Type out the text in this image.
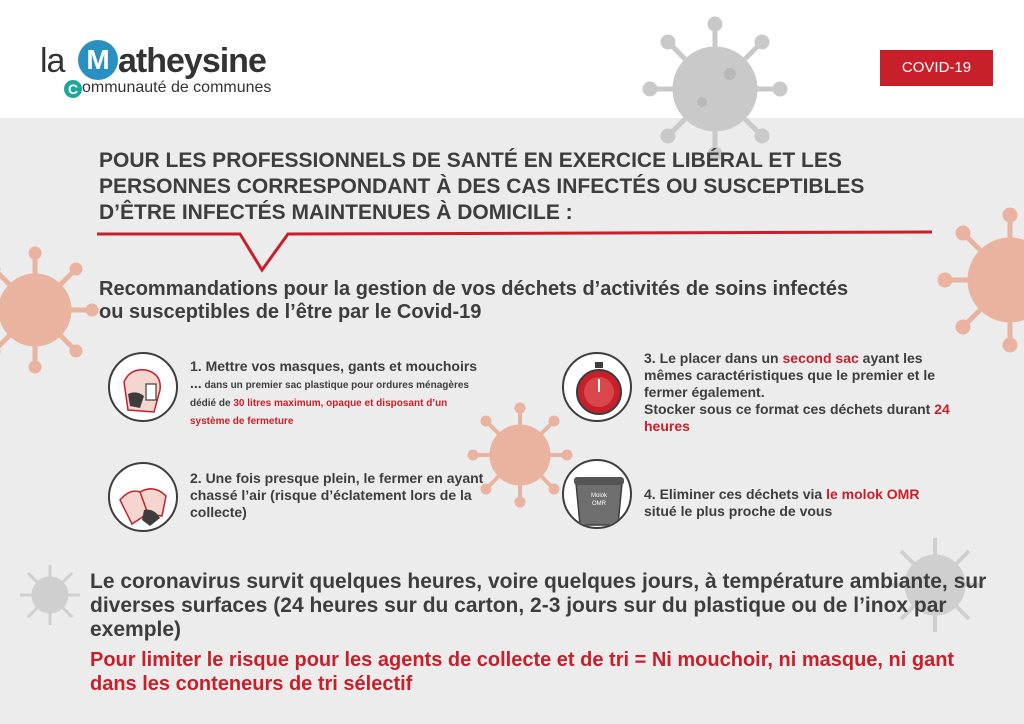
la M atheysine
C ommunauté de communes
COVID-19
POUR LES PROFESSIONNELS DE SANTÉ EN EXERCICE LIBÉRAL ET LES PERSONNES CORRESPONDANT À DES CAS INFECTÉS OU SUSCEPTIBLES D’ÊTRE INFECTÉS MAINTENUES À DOMICILE :
Recommandations pour la gestion de vos déchets d’activités de soins infectés ou susceptibles de l’être par le Covid-19
1. Mettre vos masques, gants et mouchoirs ... dans un premier sac plastique pour ordures ménagères dédié de 30 litres maximum, opaque et disposant d’un système de fermeture
2. Une fois presque plein, le fermer en ayant chassé l’air (risque d’éclatement lors de la collecte)
3. Le placer dans un second sac ayant les mêmes caractéristiques que le premier et le fermer également.
Stocker sous ce format ces déchets durant 24 heures
Molok
OMR
4. Eliminer ces déchets via le molok OMR situé le plus proche de vous
Le coronavirus survit quelques heures, voire quelques jours, à température ambiante, sur diverses surfaces (24 heures sur du carton, 2-3 jours sur du plastique ou de l’inox par exemple)
Pour limiter le risque pour les agents de collecte et de tri = Ni mouchoir, ni masque, ni gant dans les conteneurs de tri sélectif
